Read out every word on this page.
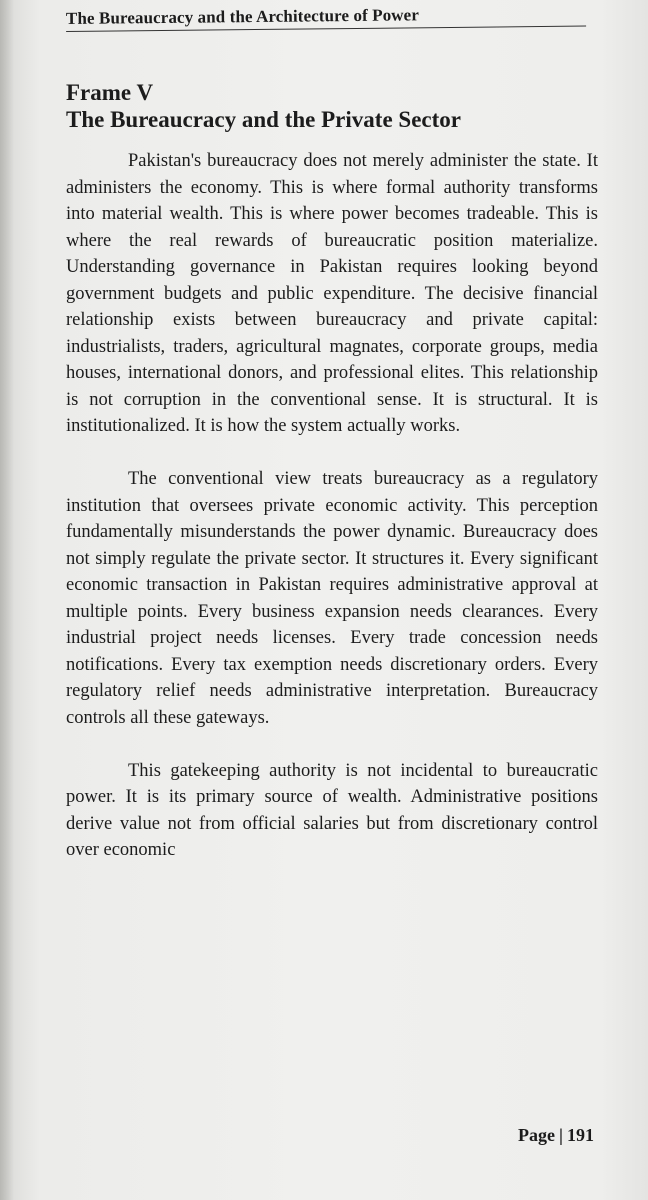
The Bureaucracy and the Architecture of Power
Frame V
The Bureaucracy and the Private Sector

Pakistan's bureaucracy does not merely administer the state. It administers the economy. This is where formal authority transforms into material wealth. This is where power becomes tradeable. This is where the real rewards of bureaucratic position materialize. Understanding governance in Pakistan requires looking beyond government budgets and public expenditure. The decisive financial relationship exists between bureaucracy and private capital: industrialists, traders, agricultural magnates, corporate groups, media houses, international donors, and professional elites. This relationship is not corruption in the conventional sense. It is structural. It is institutionalized. It is how the system actually works.

The conventional view treats bureaucracy as a regulatory institution that oversees private economic activity. This perception fundamentally misunderstands the power dynamic. Bureaucracy does not simply regulate the private sector. It structures it. Every significant economic transaction in Pakistan requires administrative approval at multiple points. Every business expansion needs clearances. Every industrial project needs licenses. Every trade concession needs notifications. Every tax exemption needs discretionary orders. Every regulatory relief needs administrative interpretation. Bureaucracy controls all these gateways.

This gatekeeping authority is not incidental to bureaucratic power. It is its primary source of wealth. Administrative positions derive value not from official salaries but from discretionary control over economic

Page | 191
